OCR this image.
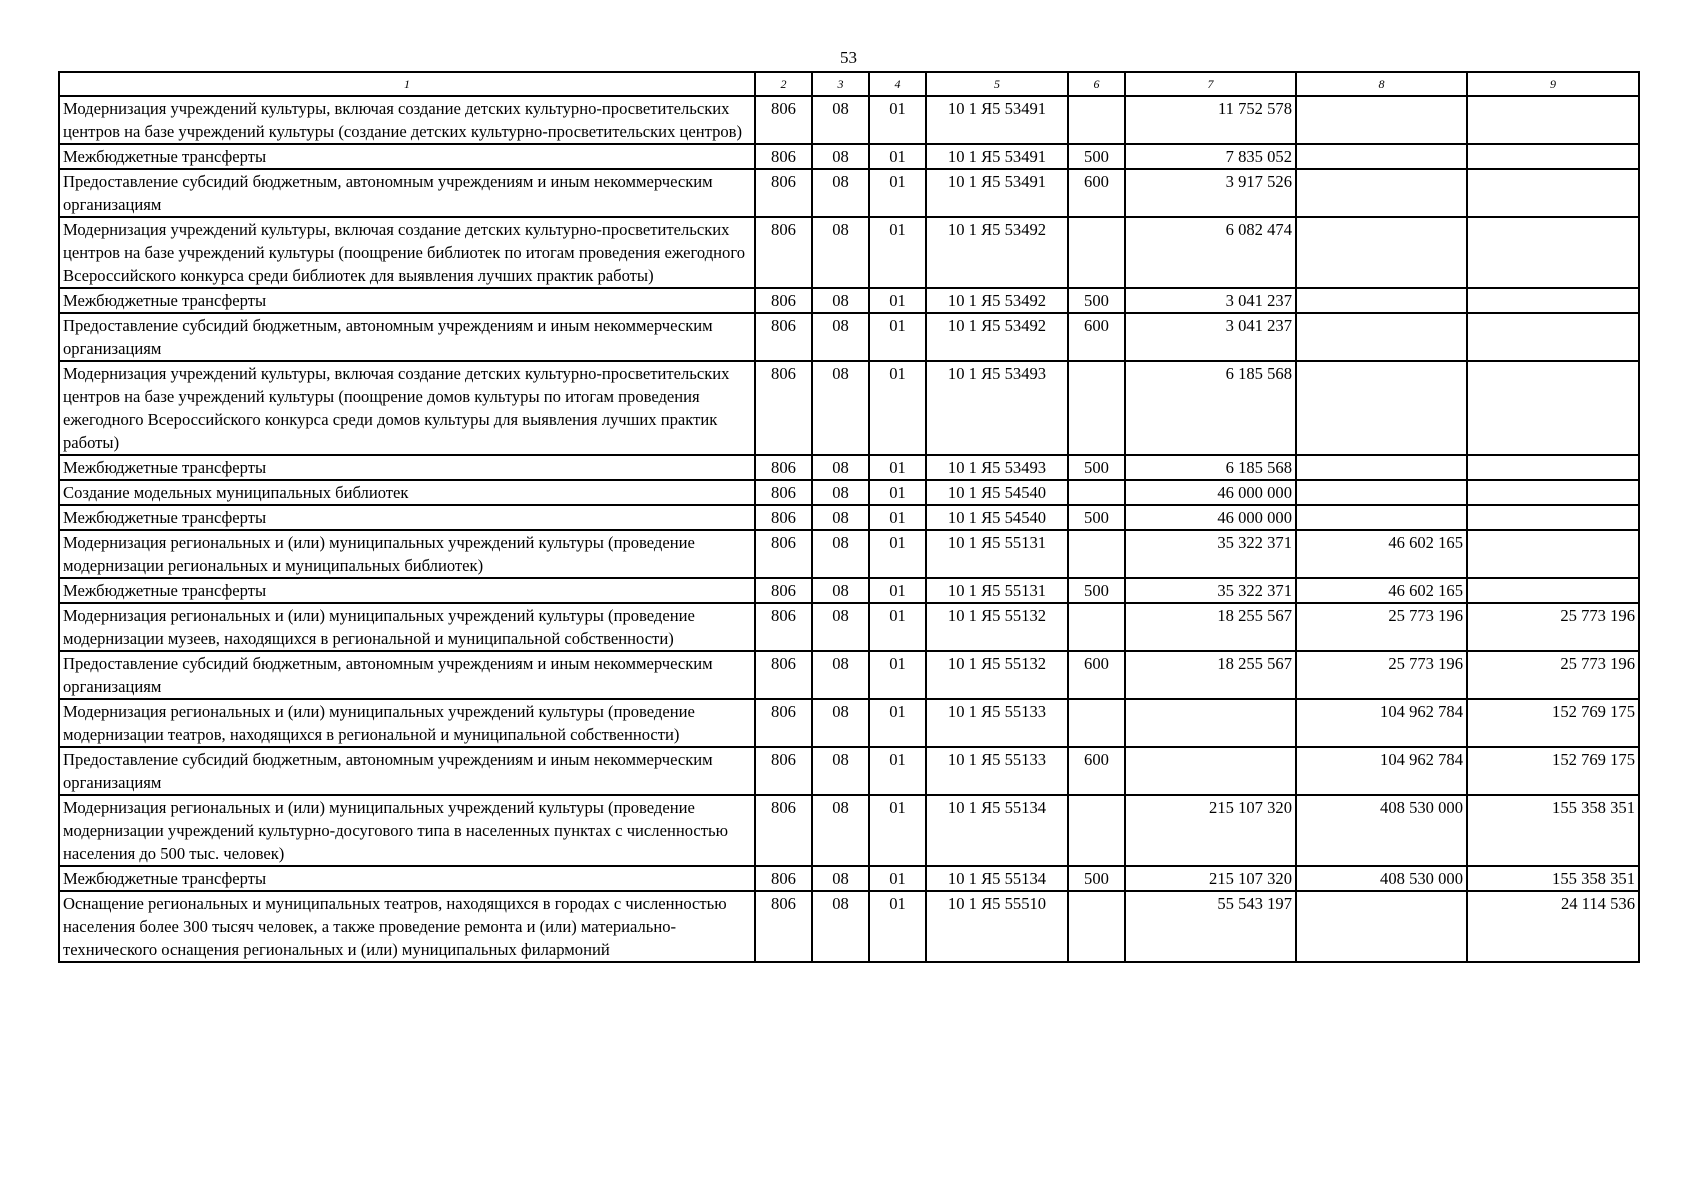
53
1	2	3	4	5	6	7	8	9
Модернизация учреждений культуры, включая создание детских культурно-просветительских центров на базе учреждений культуры (создание детских культурно-просветительских центров)	806	08	01	10 1 Я5 53491		11 752 578		
Межбюджетные трансферты	806	08	01	10 1 Я5 53491	500	7 835 052		
Предоставление субсидий бюджетным, автономным учреждениям и иным некоммерческим организациям	806	08	01	10 1 Я5 53491	600	3 917 526		
Модернизация учреждений культуры, включая создание детских культурно-просветительских центров на базе учреждений культуры (поощрение библиотек по итогам проведения ежегодного Всероссийского конкурса среди библиотек для выявления лучших практик работы)	806	08	01	10 1 Я5 53492		6 082 474		
Межбюджетные трансферты	806	08	01	10 1 Я5 53492	500	3 041 237		
Предоставление субсидий бюджетным, автономным учреждениям и иным некоммерческим организациям	806	08	01	10 1 Я5 53492	600	3 041 237		
Модернизация учреждений культуры, включая создание детских культурно-просветительских центров на базе учреждений культуры (поощрение домов культуры по итогам проведения ежегодного Всероссийского конкурса среди домов культуры для выявления лучших практик работы)	806	08	01	10 1 Я5 53493		6 185 568		
Межбюджетные трансферты	806	08	01	10 1 Я5 53493	500	6 185 568		
Создание модельных муниципальных библиотек	806	08	01	10 1 Я5 54540		46 000 000		
Межбюджетные трансферты	806	08	01	10 1 Я5 54540	500	46 000 000		
Модернизация региональных и (или) муниципальных учреждений культуры (проведение модернизации региональных и муниципальных библиотек)	806	08	01	10 1 Я5 55131		35 322 371	46 602 165	
Межбюджетные трансферты	806	08	01	10 1 Я5 55131	500	35 322 371	46 602 165	
Модернизация региональных и (или) муниципальных учреждений культуры (проведение модернизации музеев, находящихся в региональной и муниципальной собственности)	806	08	01	10 1 Я5 55132		18 255 567	25 773 196	25 773 196
Предоставление субсидий бюджетным, автономным учреждениям и иным некоммерческим организациям	806	08	01	10 1 Я5 55132	600	18 255 567	25 773 196	25 773 196
Модернизация региональных и (или) муниципальных учреждений культуры (проведение модернизации театров, находящихся в региональной и муниципальной собственности)	806	08	01	10 1 Я5 55133			104 962 784	152 769 175
Предоставление субсидий бюджетным, автономным учреждениям и иным некоммерческим организациям	806	08	01	10 1 Я5 55133	600		104 962 784	152 769 175
Модернизация региональных и (или) муниципальных учреждений культуры (проведение модернизации учреждений культурно-досугового типа в населенных пунктах с численностью населения до 500 тыс. человек)	806	08	01	10 1 Я5 55134		215 107 320	408 530 000	155 358 351
Межбюджетные трансферты	806	08	01	10 1 Я5 55134	500	215 107 320	408 530 000	155 358 351
Оснащение региональных и муниципальных театров, находящихся в городах с численностью населения более 300 тысяч человек, а также проведение ремонта и (или) материально-технического оснащения региональных и (или) муниципальных филармоний	806	08	01	10 1 Я5 55510		55 543 197		24 114 536
